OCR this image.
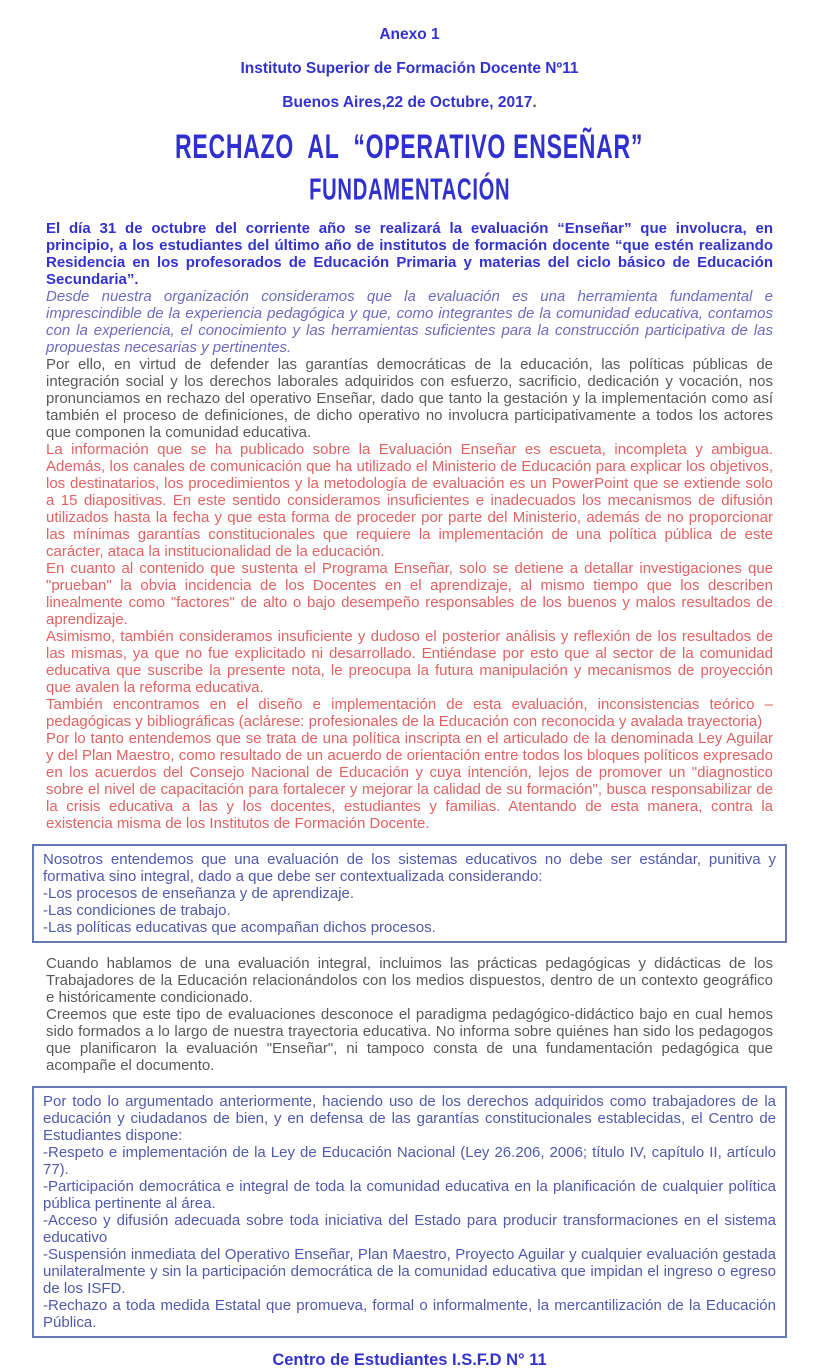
Anexo 1

Instituto Superior de Formación Docente Nº11

Buenos Aires,22 de Octubre, 2017.

RECHAZO  AL  “OPERATIVO ENSEÑAR”
FUNDAMENTACIÓN

El día 31 de octubre del corriente año se realizará la evaluación “Enseñar” que involucra, en principio, a los estudiantes del último año de institutos de formación docente “que estén realizando Residencia en los profesorados de Educación Primaria y materias del ciclo básico de Educación Secundaria”.

Desde nuestra organización consideramos que la evaluación es una herramienta fundamental e imprescindible de la experiencia pedagógica y que, como integrantes de la comunidad educativa, contamos con la experiencia, el conocimiento y las herramientas suficientes para la construcción participativa de las propuestas necesarias y pertinentes.

Por ello, en virtud de defender las garantías democráticas de la educación, las políticas públicas de integración social y los derechos laborales adquiridos con esfuerzo, sacrificio, dedicación y vocación, nos pronunciamos en rechazo del operativo Enseñar, dado que tanto la gestación y la implementación como así también el proceso de definiciones, de dicho operativo no involucra participativamente a todos los actores que componen la comunidad educativa.

La información que se ha publicado sobre la Evaluación Enseñar es escueta, incompleta y ambigua. Además, los canales de comunicación que ha utilizado el Ministerio de Educación para explicar los objetivos, los destinatarios, los procedimientos y la metodología de evaluación es un PowerPoint que se extiende solo a 15 diapositivas. En este sentido consideramos insuficientes e inadecuados los mecanismos de difusión utilizados hasta la fecha y que esta forma de proceder por parte del Ministerio, además de no proporcionar las mínimas garantías constitucionales que requiere la implementación de una política pública de este carácter, ataca la institucionalidad de la educación.

En cuanto al contenido que sustenta el Programa Enseñar, solo se detiene a detallar investigaciones que "prueban" la obvia incidencia de los Docentes en el aprendizaje, al mismo tiempo que los describen linealmente como "factores" de alto o bajo desempeño responsables de los buenos y malos resultados de aprendizaje.

Asimismo, también consideramos insuficiente y dudoso el posterior análisis y reflexión de los resultados de las mismas, ya que no fue explicitado ni desarrollado. Entiéndase por esto que al sector de la comunidad educativa que suscribe la presente nota, le preocupa la futura manipulación y mecanismos de proyección que avalen la reforma educativa.

También encontramos en el diseño e implementación de esta evaluación, inconsistencias teórico – pedagógicas y bibliográficas (aclárese: profesionales de la Educación con reconocida y avalada trayectoria)

Por lo tanto entendemos que se trata de una política inscripta en el articulado de la denominada Ley Aguilar y del Plan Maestro, como resultado de un acuerdo de orientación entre todos los bloques políticos expresado en los acuerdos del Consejo Nacional de Educación y cuya intención, lejos de promover un "diagnostico sobre el nivel de capacitación para fortalecer y mejorar la calidad de su formación", busca responsabilizar de la crisis educativa a las y los docentes, estudiantes y familias. Atentando de esta manera, contra la existencia misma de los Institutos de Formación Docente.

Nosotros entendemos que una evaluación de los sistemas educativos no debe ser estándar, punitiva y formativa sino integral, dado a que debe ser contextualizada considerando:

-Los procesos de enseñanza y de aprendizaje.

-Las condiciones de trabajo.

-Las políticas educativas que acompañan dichos procesos.

Cuando hablamos de una evaluación integral, incluimos las prácticas pedagógicas y didácticas de los Trabajadores de la Educación relacionándolos con los medios dispuestos, dentro de un contexto geográfico e históricamente condicionado.

Creemos que este tipo de evaluaciones desconoce el paradigma pedagógico-didáctico bajo en cual hemos sido formados a lo largo de nuestra trayectoria educativa. No informa sobre quiénes han sido los pedagogos que planificaron la evaluación "Enseñar", ni tampoco consta de una fundamentación pedagógica que acompañe el documento.

Por todo lo argumentado anteriormente, haciendo uso de los derechos adquiridos como trabajadores de la educación y ciudadanos de bien, y en defensa de las garantías constitucionales establecidas, el Centro de Estudiantes dispone:

-Respeto e implementación de la Ley de Educación Nacional (Ley 26.206, 2006; título IV, capítulo II, artículo 77).

-Participación democrática e integral de toda la comunidad educativa en la planificación de cualquier política pública pertinente al área.

-Acceso y difusión adecuada sobre toda iniciativa del Estado para producir transformaciones en el sistema educativo

-Suspensión inmediata del Operativo Enseñar, Plan Maestro, Proyecto Aguilar y cualquier evaluación gestada unilateralmente y sin la participación democrática de la comunidad educativa que impidan el ingreso o egreso de los ISFD.

-Rechazo a toda medida Estatal que promueva, formal o informalmente, la mercantilización de la Educación Pública.

Centro de Estudiantes I.S.F.D N° 11
